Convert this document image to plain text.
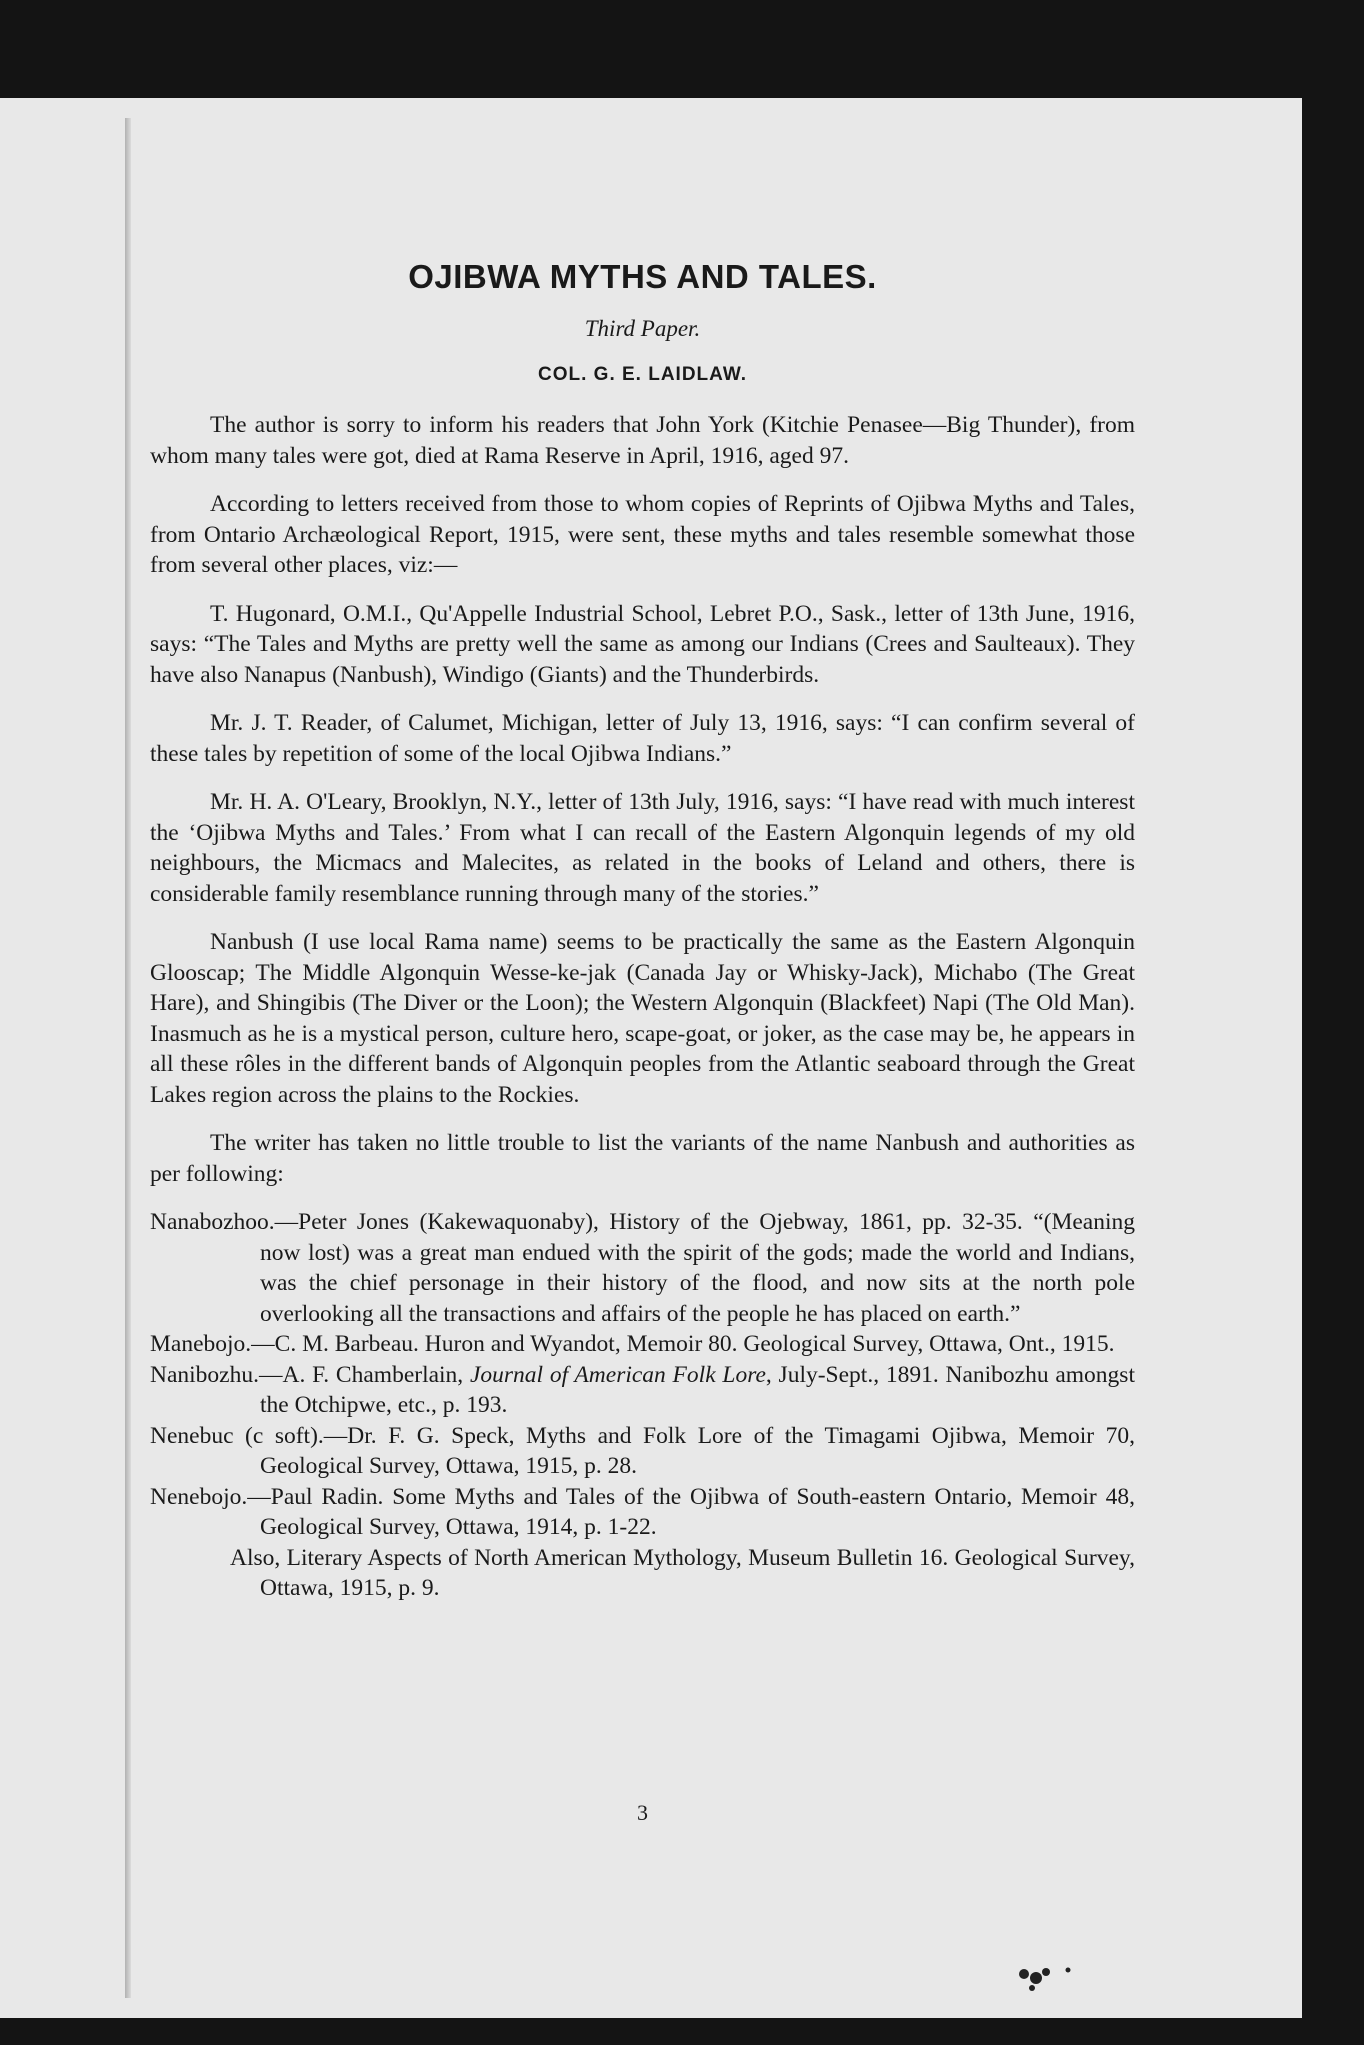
OJIBWA MYTHS AND TALES.

Third Paper.

COL. G. E. LAIDLAW.

The author is sorry to inform his readers that John York (Kitchie Penasee—Big Thunder), from whom many tales were got, died at Rama Reserve in April, 1916, aged 97.

According to letters received from those to whom copies of Reprints of Ojibwa Myths and Tales, from Ontario Archæological Report, 1915, were sent, these myths and tales resemble somewhat those from several other places, viz:—

T. Hugonard, O.M.I., Qu'Appelle Industrial School, Lebret P.O., Sask., letter of 13th June, 1916, says: “The Tales and Myths are pretty well the same as among our Indians (Crees and Saulteaux). They have also Nanapus (Nanbush), Windigo (Giants) and the Thunderbirds.

Mr. J. T. Reader, of Calumet, Michigan, letter of July 13, 1916, says: “I can confirm several of these tales by repetition of some of the local Ojibwa Indians.”

Mr. H. A. O'Leary, Brooklyn, N.Y., letter of 13th July, 1916, says: “I have read with much interest the ‘Ojibwa Myths and Tales.’ From what I can recall of the Eastern Algonquin legends of my old neighbours, the Micmacs and Malecites, as related in the books of Leland and others, there is considerable family resemblance running through many of the stories.”

Nanbush (I use local Rama name) seems to be practically the same as the Eastern Algonquin Glooscap; The Middle Algonquin Wesse-ke-jak (Canada Jay or Whisky-Jack), Michabo (The Great Hare), and Shingibis (The Diver or the Loon); the Western Algonquin (Blackfeet) Napi (The Old Man). Inasmuch as he is a mystical person, culture hero, scape-goat, or joker, as the case may be, he appears in all these rôles in the different bands of Algonquin peoples from the Atlantic seaboard through the Great Lakes region across the plains to the Rockies.

The writer has taken no little trouble to list the variants of the name Nanbush and authorities as per following:

Nanabozhoo.—Peter Jones (Kakewaquonaby), History of the Ojebway, 1861, pp. 32-35. “(Meaning now lost) was a great man endued with the spirit of the gods; made the world and Indians, was the chief personage in their history of the flood, and now sits at the north pole overlooking all the transactions and affairs of the people he has placed on earth.”
Manebojo.—C. M. Barbeau. Huron and Wyandot, Memoir 80. Geological Survey, Ottawa, Ont., 1915.
Nanibozhu.—A. F. Chamberlain, Journal of American Folk Lore, July-Sept., 1891. Nanibozhu amongst the Otchipwe, etc., p. 193.
Nenebuc (c soft).—Dr. F. G. Speck, Myths and Folk Lore of the Timagami Ojibwa, Memoir 70, Geological Survey, Ottawa, 1915, p. 28.
Nenebojo.—Paul Radin. Some Myths and Tales of the Ojibwa of South-eastern Ontario, Memoir 48, Geological Survey, Ottawa, 1914, p. 1-22.
Also, Literary Aspects of North American Mythology, Museum Bulletin 16. Geological Survey, Ottawa, 1915, p. 9.

3
